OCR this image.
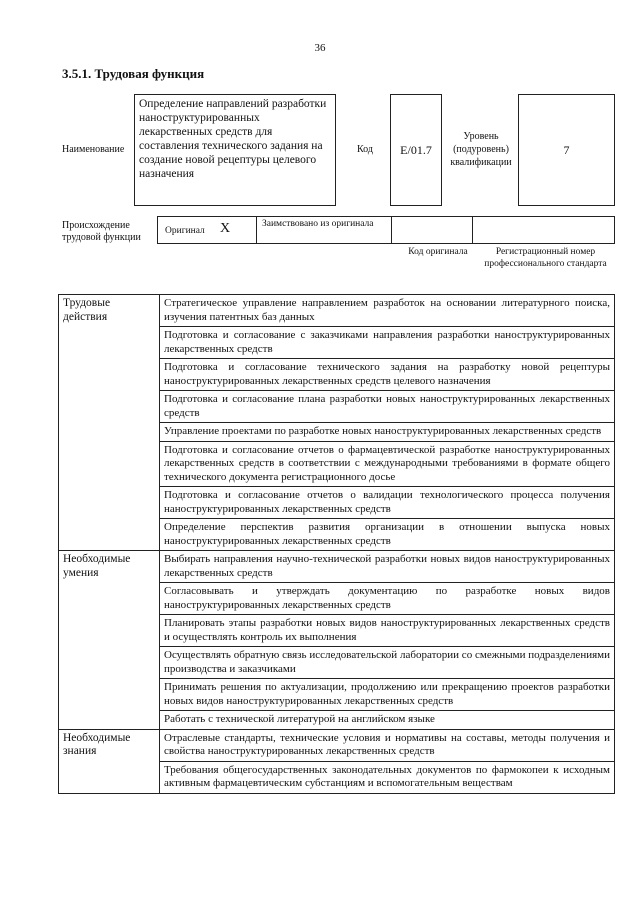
36
3.5.1. Трудовая функция
Наименование
Определение направлений разработки наноструктурированных лекарственных средств для составления технического задания на создание новой рецептуры целевого назначения
Код E/01.7
Уровень (подуровень) квалификации
7
Происхождение трудовой функции
Оригинал X	Заимствовано из оригинала
Код оригинала	Регистрационный номер профессионального стандарта
Трудовые действия	Стратегическое управление направлением разработок на основании литературного поиска, изучения патентных баз данных
	Подготовка и согласование с заказчиками направления разработки наноструктурированных лекарственных средств
	Подготовка и согласование технического задания на разработку новой рецептуры наноструктурированных лекарственных средств целевого назначения
	Подготовка и согласование плана разработки новых наноструктурированных лекарственных средств
	Управление проектами по разработке новых наноструктурированных лекарственных средств
	Подготовка и согласование отчетов о фармацевтической разработке наноструктурированных лекарственных средств в соответствии с международными требованиями в формате общего технического документа регистрационного досье
	Подготовка и согласование отчетов о валидации технологического процесса получения наноструктурированных лекарственных средств
	Определение перспектив развития организации в отношении выпуска новых наноструктурированных лекарственных средств
Необходимые умения	Выбирать направления научно-технической разработки новых видов наноструктурированных лекарственных средств
	Согласовывать и утверждать документацию по разработке новых видов наноструктурированных лекарственных средств
	Планировать этапы разработки новых видов наноструктурированных лекарственных средств и осуществлять контроль их выполнения
	Осуществлять обратную связь исследовательской лаборатории со смежными подразделениями производства и заказчиками
	Принимать решения по актуализации, продолжению или прекращению проектов разработки новых видов наноструктурированных лекарственных средств
	Работать с технической литературой на английском языке
Необходимые знания	Отраслевые стандарты, технические условия и нормативы на составы, методы получения и свойства наноструктурированных лекарственных средств
	Требования общегосударственных законодательных документов по фармокопеи к исходным активным фармацевтическим субстанциям и вспомогательным веществам
